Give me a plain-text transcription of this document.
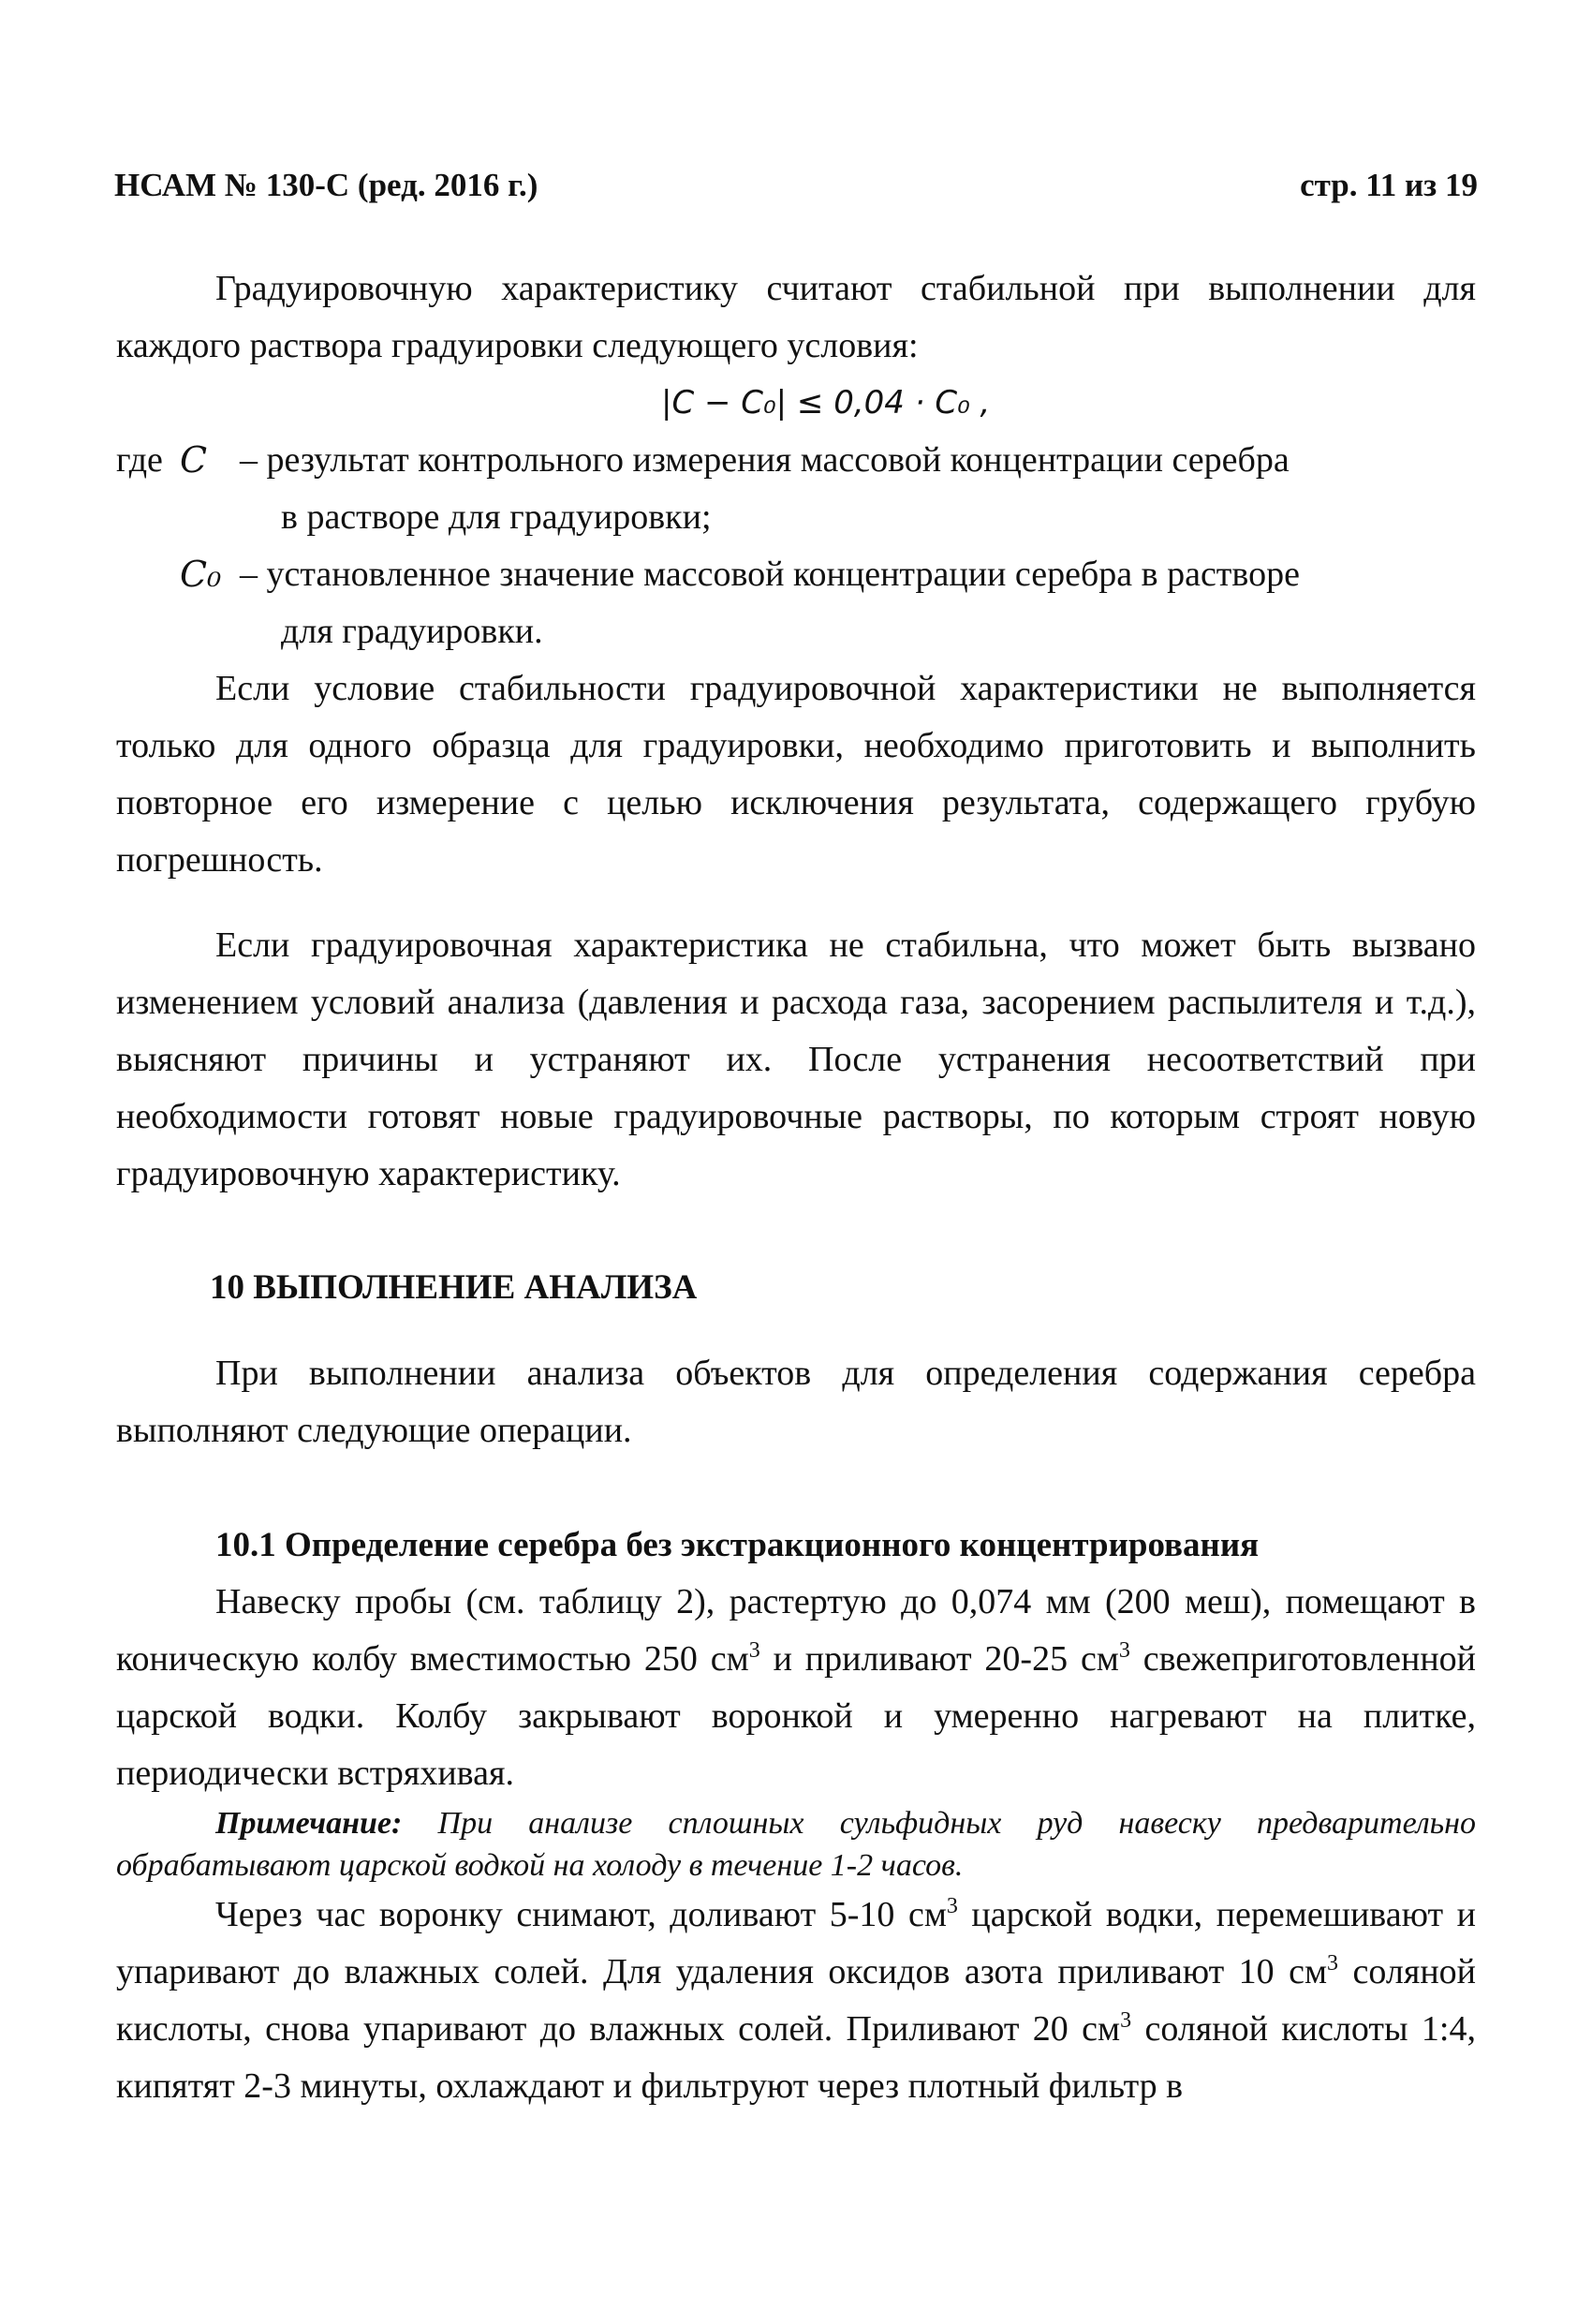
НСАМ № 130-С (ред. 2016 г.)	стр. 11 из 19

Градуировочную характеристику считают стабильной при выполнении для каждого раствора градуировки следующего условия:

|C − C₀| ≤ 0,04 · C₀ ,
где C – результат контрольного измерения массовой концентрации серебра
в растворе для градуировки;
C₀ – установленное значение массовой концентрации серебра в растворе
для градуировки.

Если условие стабильности градуировочной характеристики не выполняется только для одного образца для градуировки, необходимо приготовить и выполнить повторное его измерение с целью исключения результата, содержащего грубую погрешность.

Если градуировочная характеристика не стабильна, что может быть вызвано изменением условий анализа (давления и расхода газа, засорением распылителя и т.д.), выясняют причины и устраняют их. После устранения несоответствий при необходимости готовят новые градуировочные растворы, по которым строят новую градуировочную характеристику.

10 ВЫПОЛНЕНИЕ АНАЛИЗА

При выполнении анализа объектов для определения содержания серебра выполняют следующие операции.

10.1 Определение серебра без экстракционного концентрирования

Навеску пробы (см. таблицу 2), растертую до 0,074 мм (200 меш), помещают в коническую колбу вместимостью 250 $см^3$ и приливают 20-25 $см^3$ свежеприготовленной царской водки. Колбу закрывают воронкой и умеренно нагревают на плитке, периодически встряхивая.

Примечание: При анализе сплошных сульфидных руд навеску предварительно обрабатывают царской водкой на холоду в течение 1-2 часов.

Через час воронку снимают, доливают 5-10 $см^3$ царской водки, перемешивают и упаривают до влажных солей. Для удаления оксидов азота приливают 10 $см^3$ соляной кислоты, снова упаривают до влажных солей. Приливают 20 $см^3$ соляной кислоты 1:4, кипятят 2-3 минуты, охлаждают и фильтруют через плотный фильтр в
